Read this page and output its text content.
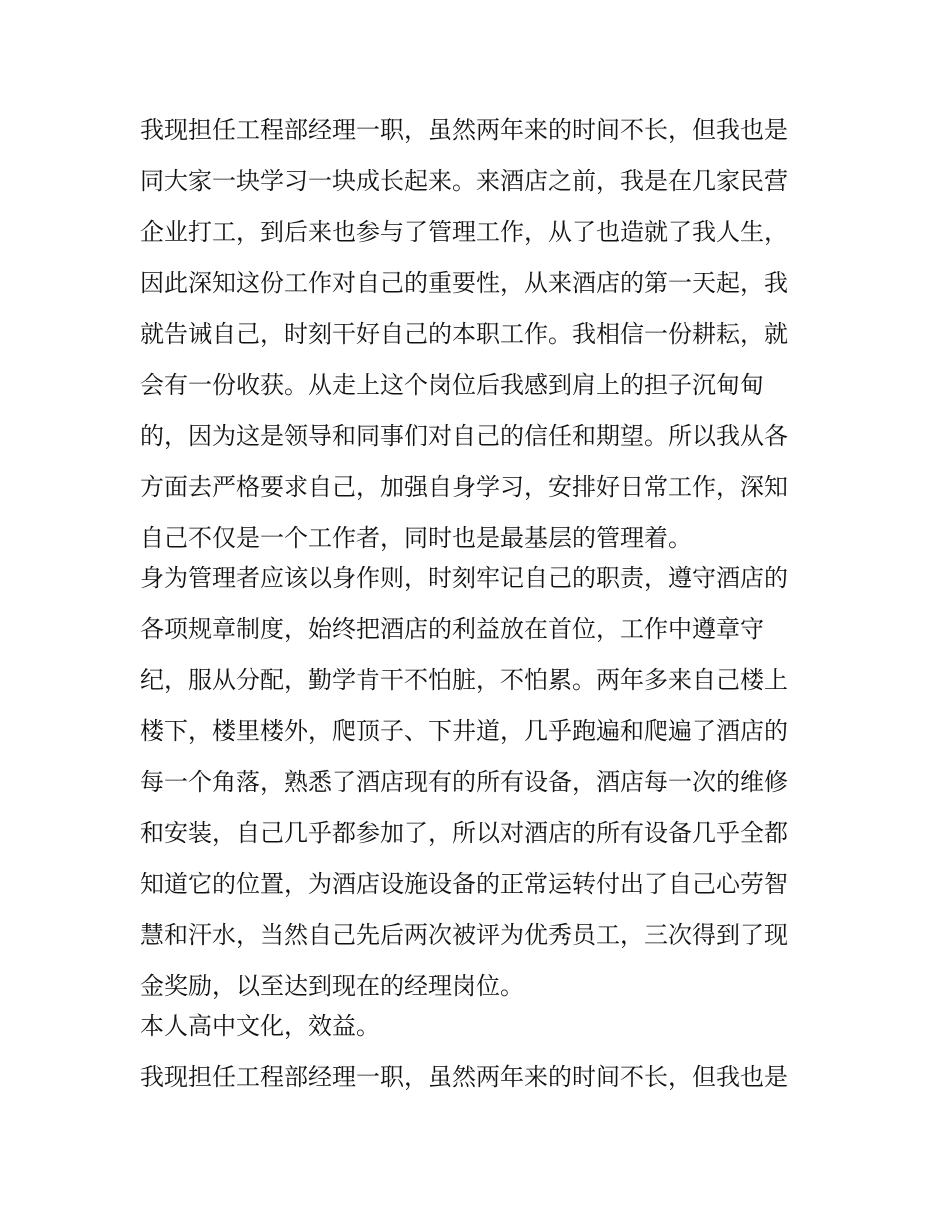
我现担任工程部经理一职，虽然两年来的时间不长，但我也是
同大家一块学习一块成长起来。来酒店之前，我是在几家民营
企业打工，到后来也参与了管理工作，从了也造就了我人生，
因此深知这份工作对自己的重要性，从来酒店的第一天起，我
就告诫自己，时刻干好自己的本职工作。我相信一份耕耘，就
会有一份收获。从走上这个岗位后我感到肩上的担子沉甸甸
的，因为这是领导和同事们对自己的信任和期望。所以我从各
方面去严格要求自己，加强自身学习，安排好日常工作，深知
自己不仅是一个工作者，同时也是最基层的管理着。
身为管理者应该以身作则，时刻牢记自己的职责，遵守酒店的
各项规章制度，始终把酒店的利益放在首位，工作中遵章守
纪，服从分配，勤学肯干不怕脏，不怕累。两年多来自己楼上
楼下，楼里楼外，爬顶子、下井道，几乎跑遍和爬遍了酒店的
每一个角落，熟悉了酒店现有的所有设备，酒店每一次的维修
和安装，自己几乎都参加了，所以对酒店的所有设备几乎全都
知道它的位置，为酒店设施设备的正常运转付出了自己心劳智
慧和汗水，当然自己先后两次被评为优秀员工，三次得到了现
金奖励，以至达到现在的经理岗位。
本人高中文化，效益。
我现担任工程部经理一职，虽然两年来的时间不长，但我也是
